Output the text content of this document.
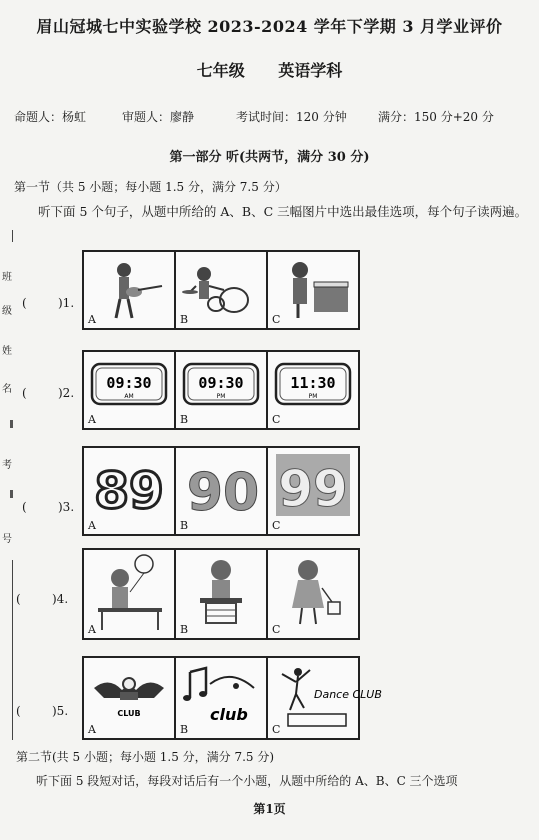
眉山冠城七中实验学校 2023-2024 学年下学期 3 月学业评价
七年级 英语学科
命题人：杨虹	审题人：廖静	考试时间：120 分钟	满分：150 分+20 分
第一部分 听(共两节，满分 30 分)
第一节（共 5 小题；每小题 1.5 分，满分 7.5 分）
听下面 5 个句子，从题中所给的 A、B、C 三幅图片中选出最佳选项，每个句子读两遍。
班
级
姓
名
考
号
(	)1.
A	B	C
(	)2.
09:30
AM
A
09:30
PM
B
11:30
PM
C
(	)3. 89
A
90
B
99
C
(	)4.
A	B	C
(	)5.	CLUB
A
club
B
Dance CLUB
C
第二节(共 5 小题；每小题 1.5 分，满分 7.5 分)
听下面 5 段短对话，每段对话后有一个小题，从题中所给的 A、B、C 三个选项
第1页
